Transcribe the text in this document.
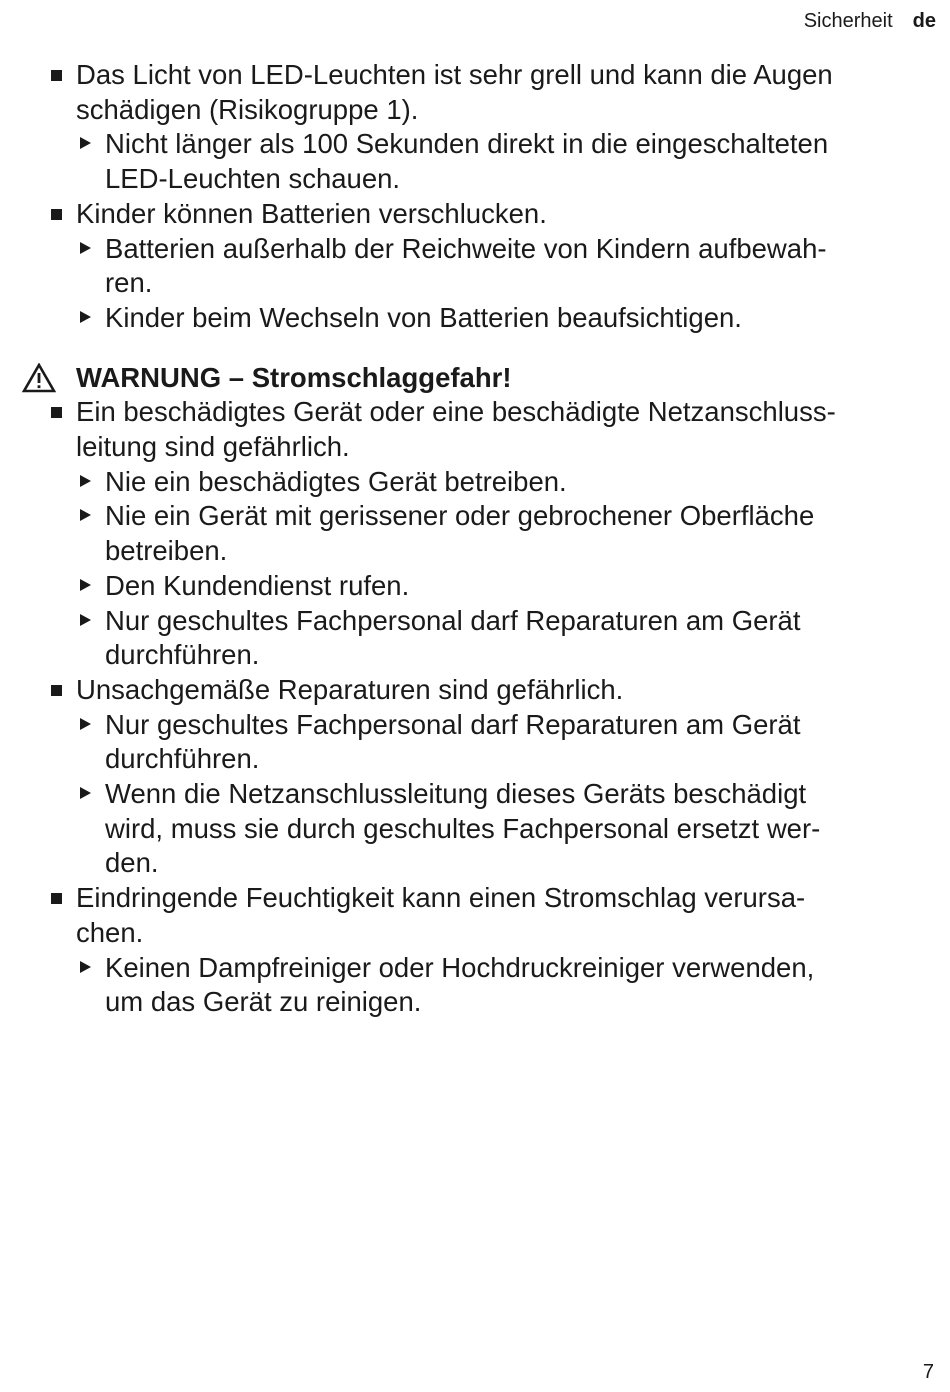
Sicherheit de
Das Licht von LED-Leuchten ist sehr grell und kann die Augen
schädigen (Risikogruppe 1).
Nicht länger als 100 Sekunden direkt in die eingeschalteten
LED-Leuchten schauen.
Kinder können Batterien verschlucken.
Batterien außerhalb der Reichweite von Kindern aufbewah-
ren.
Kinder beim Wechseln von Batterien beaufsichtigen.
WARNUNG – Stromschlaggefahr!
Ein beschädigtes Gerät oder eine beschädigte Netzanschluss-
leitung sind gefährlich.
Nie ein beschädigtes Gerät betreiben.
Nie ein Gerät mit gerissener oder gebrochener Oberfläche
betreiben.
Den Kundendienst rufen.
Nur geschultes Fachpersonal darf Reparaturen am Gerät
durchführen.
Unsachgemäße Reparaturen sind gefährlich.
Nur geschultes Fachpersonal darf Reparaturen am Gerät
durchführen.
Wenn die Netzanschlussleitung dieses Geräts beschädigt
wird, muss sie durch geschultes Fachpersonal ersetzt wer-
den.
Eindringende Feuchtigkeit kann einen Stromschlag verursa-
chen.
Keinen Dampfreiniger oder Hochdruckreiniger verwenden,
um das Gerät zu reinigen.
7
